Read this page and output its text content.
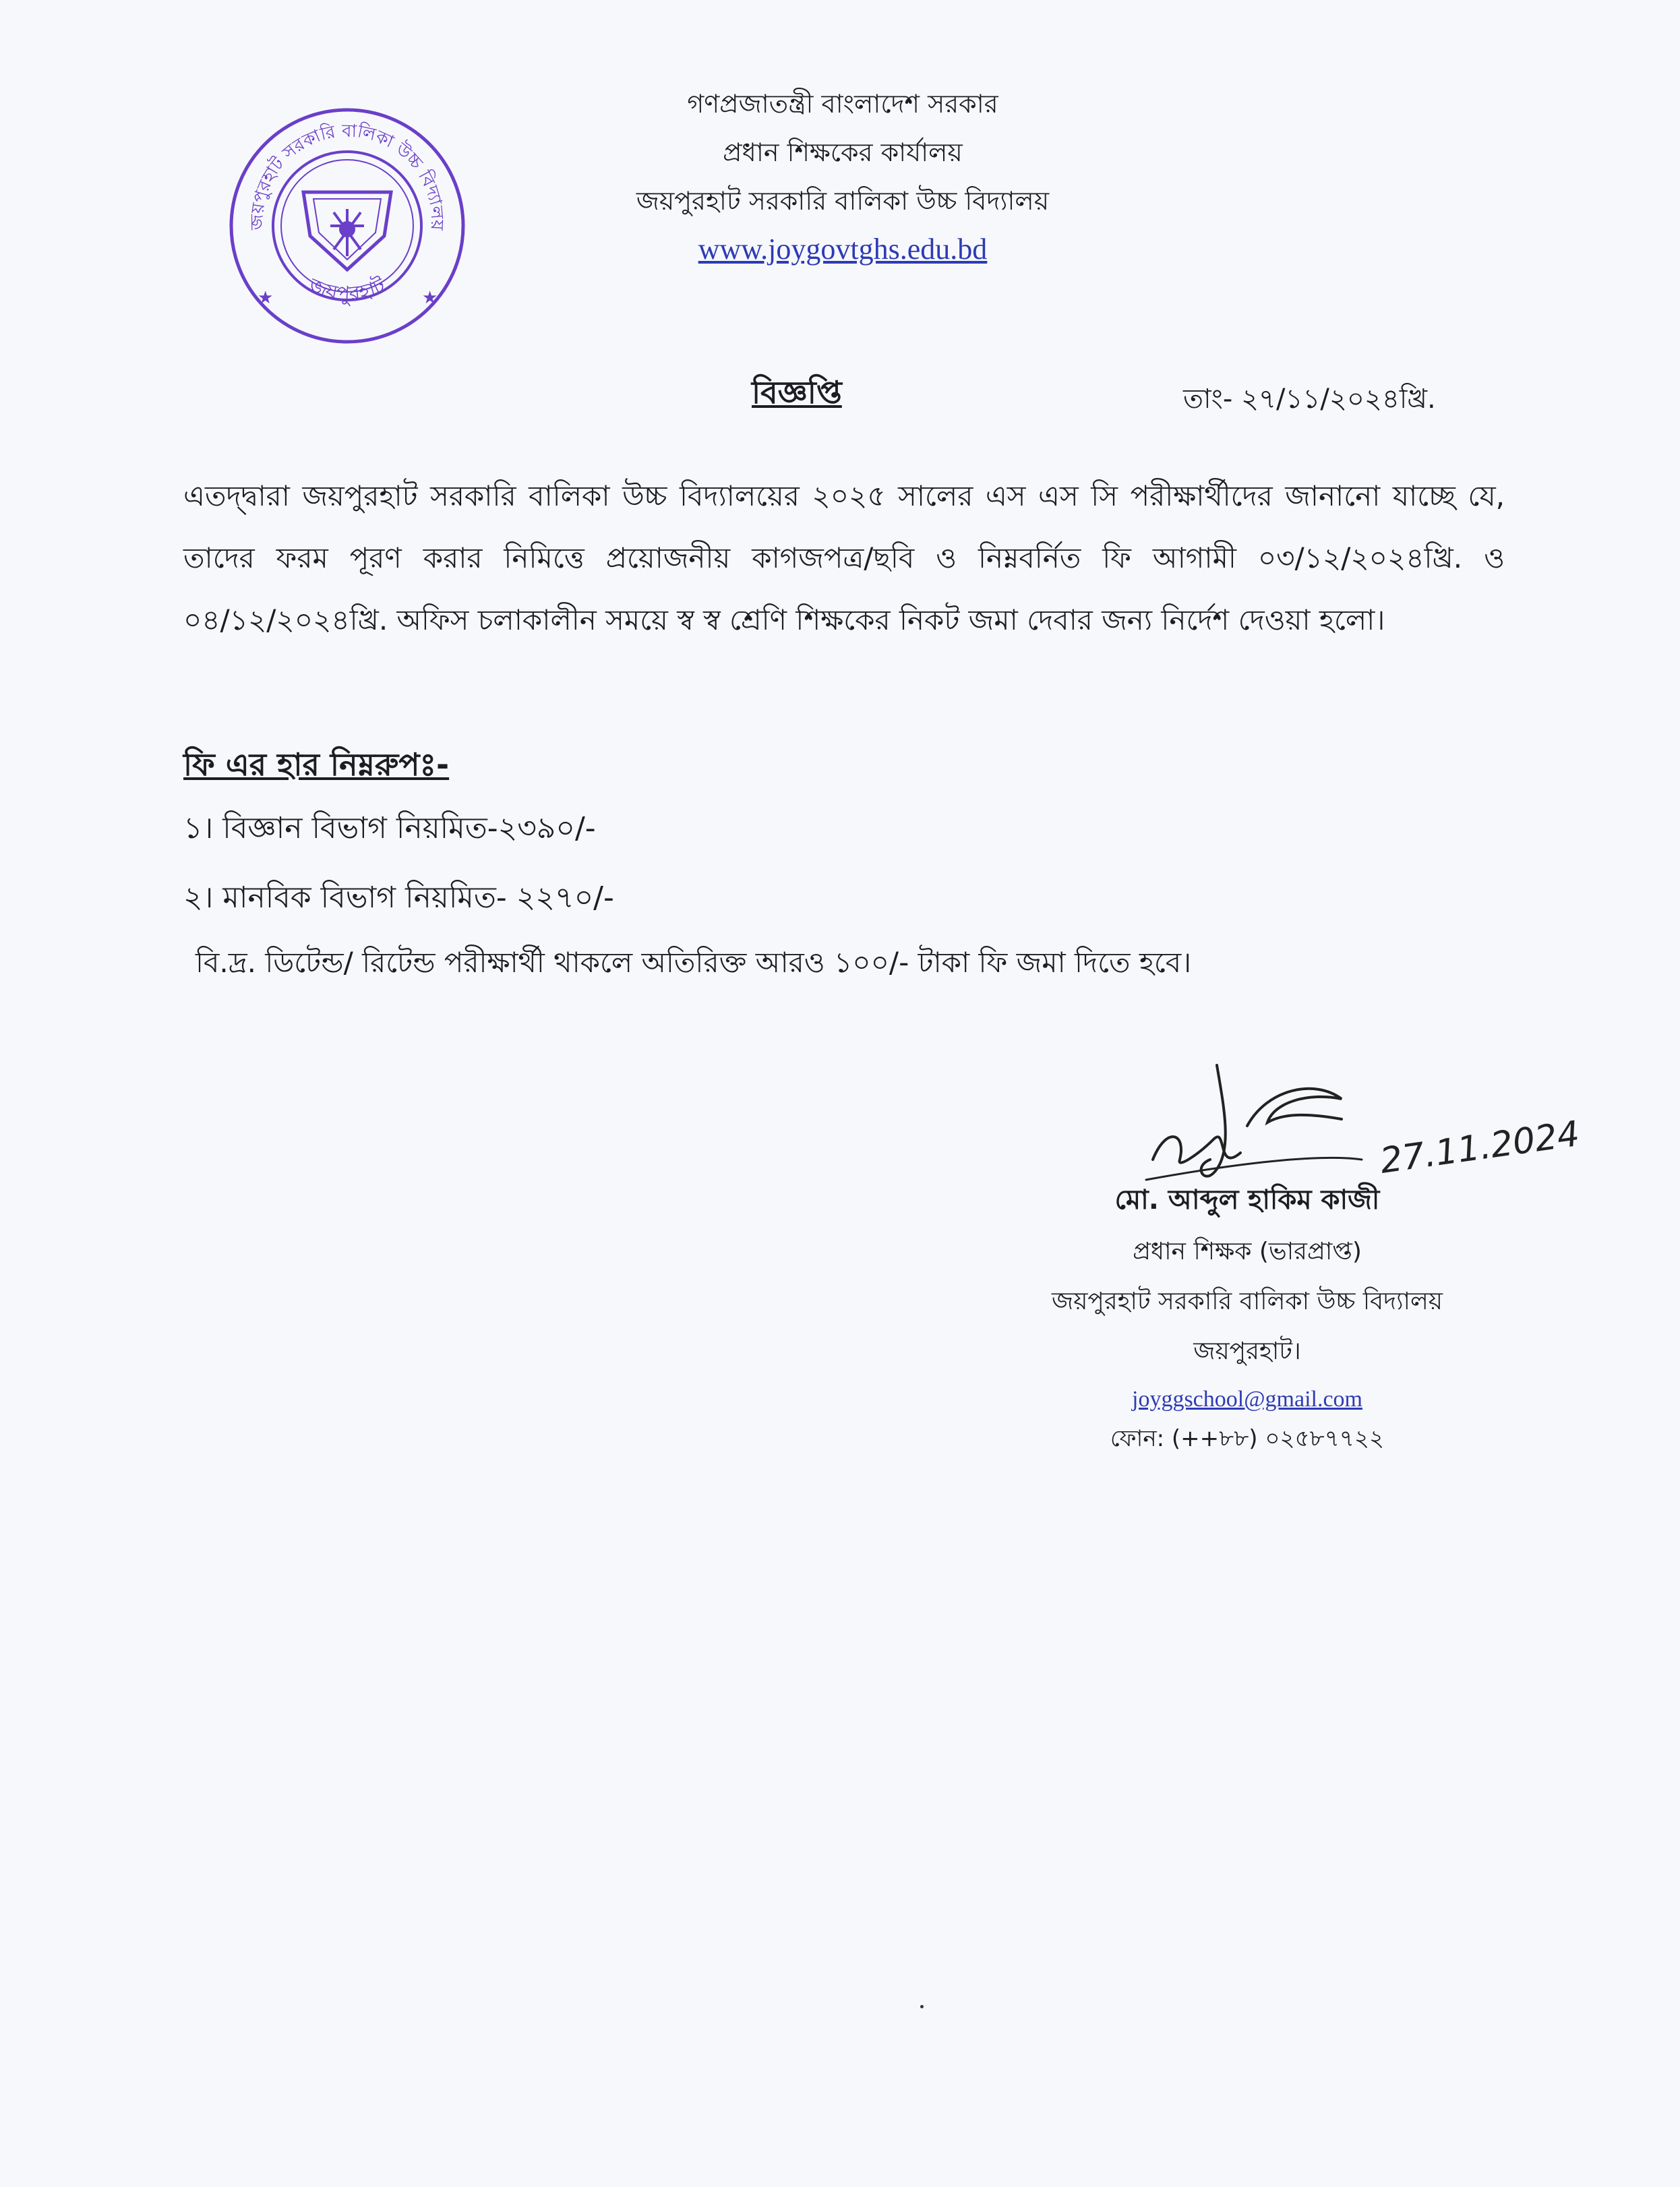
জয়পুরহাট সরকারি বালিকা উচ্চ বিদ্যালয়
জয়পুরহাট
★	★
গণপ্রজাতন্ত্রী বাংলাদেশ সরকার
প্রধান শিক্ষকের কার্যালয়
জয়পুরহাট সরকারি বালিকা উচ্চ বিদ্যালয়
www.joygovtghs.edu.bd
বিজ্ঞপ্তি	তাং- ২৭/১১/২০২৪খ্রি.
এতদ্দ্বারা জয়পুরহাট সরকারি বালিকা উচ্চ বিদ্যালয়ের ২০২৫ সালের এস এস সি পরীক্ষার্থীদের জানানো যাচ্ছে যে, তাদের ফরম পূরণ করার নিমিত্তে প্রয়োজনীয় কাগজপত্র/ছবি ও নিম্নবর্নিত ফি আগামী ০৩/১২/২০২৪খ্রি. ও ০৪/১২/২০২৪খ্রি. অফিস চলাকালীন সময়ে স্ব স্ব শ্রেণি শিক্ষকের নিকট জমা দেবার জন্য নির্দেশ দেওয়া হলো।
ফি এর হার নিম্নরুপঃ-
১। বিজ্ঞান বিভাগ নিয়মিত-২৩৯০/-
২। মানবিক বিভাগ নিয়মিত- ২২৭০/-
বি.দ্র. ডিটেন্ড/ রিটেন্ড পরীক্ষার্থী থাকলে অতিরিক্ত আরও ১০০/- টাকা ফি জমা দিতে হবে।
27.11.2024
মো. আব্দুল হাকিম কাজী
প্রধান শিক্ষক (ভারপ্রাপ্ত)
জয়পুরহাট সরকারি বালিকা উচ্চ বিদ্যালয়
জয়পুরহাট।
joyggschool@gmail.com
ফোন: (++৮৮) ০২৫৮৭৭২২
